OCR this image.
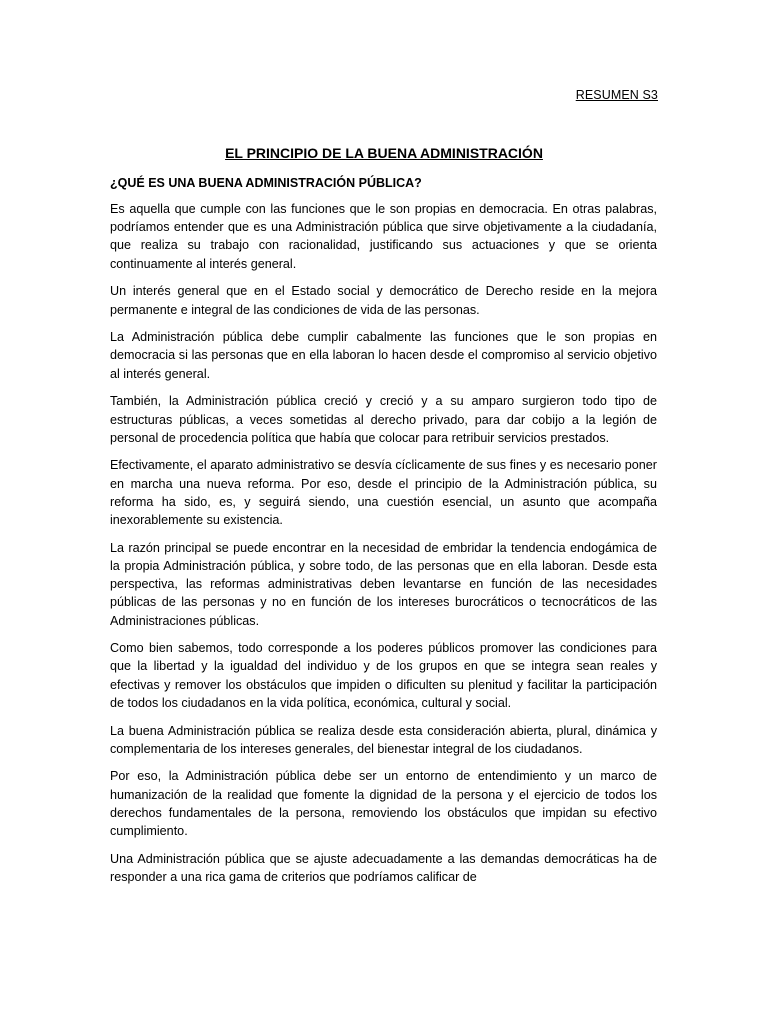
RESUMEN S3
EL PRINCIPIO DE LA BUENA ADMINISTRACIÓN
¿QUÉ ES UNA BUENA ADMINISTRACIÓN PÚBLICA?

Es aquella que cumple con las funciones que le son propias en democracia. En otras palabras, podríamos entender que es una Administración pública que sirve objetivamente a la ciudadanía, que realiza su trabajo con racionalidad, justificando sus actuaciones y que se orienta continuamente al interés general.

Un interés general que en el Estado social y democrático de Derecho reside en la mejora permanente e integral de las condiciones de vida de las personas.

La Administración pública debe cumplir cabalmente las funciones que le son propias en democracia si las personas que en ella laboran lo hacen desde el compromiso al servicio objetivo al interés general.

También, la Administración pública creció y creció y a su amparo surgieron todo tipo de estructuras públicas, a veces sometidas al derecho privado, para dar cobijo a la legión de personal de procedencia política que había que colocar para retribuir servicios prestados.

Efectivamente, el aparato administrativo se desvía cíclicamente de sus fines y es necesario poner en marcha una nueva reforma. Por eso, desde el principio de la Administración pública, su reforma ha sido, es, y seguirá siendo, una cuestión esencial, un asunto que acompaña inexorablemente su existencia.

La razón principal se puede encontrar en la necesidad de embridar la tendencia endogámica de la propia Administración pública, y sobre todo, de las personas que en ella laboran. Desde esta perspectiva, las reformas administrativas deben levantarse en función de las necesidades públicas de las personas y no en función de los intereses burocráticos o tecnocráticos de las Administraciones públicas.

Como bien sabemos, todo corresponde a los poderes públicos promover las condiciones para que la libertad y la igualdad del individuo y de los grupos en que se integra sean reales y efectivas y remover los obstáculos que impiden o dificulten su plenitud y facilitar la participación de todos los ciudadanos en la vida política, económica, cultural y social.

La buena Administración pública se realiza desde esta consideración abierta, plural, dinámica y complementaria de los intereses generales, del bienestar integral de los ciudadanos.

Por eso, la Administración pública debe ser un entorno de entendimiento y un marco de humanización de la realidad que fomente la dignidad de la persona y el ejercicio de todos los derechos fundamentales de la persona, removiendo los obstáculos que impidan su efectivo cumplimiento.

Una Administración pública que se ajuste adecuadamente a las demandas democráticas ha de responder a una rica gama de criterios que podríamos calificar de
